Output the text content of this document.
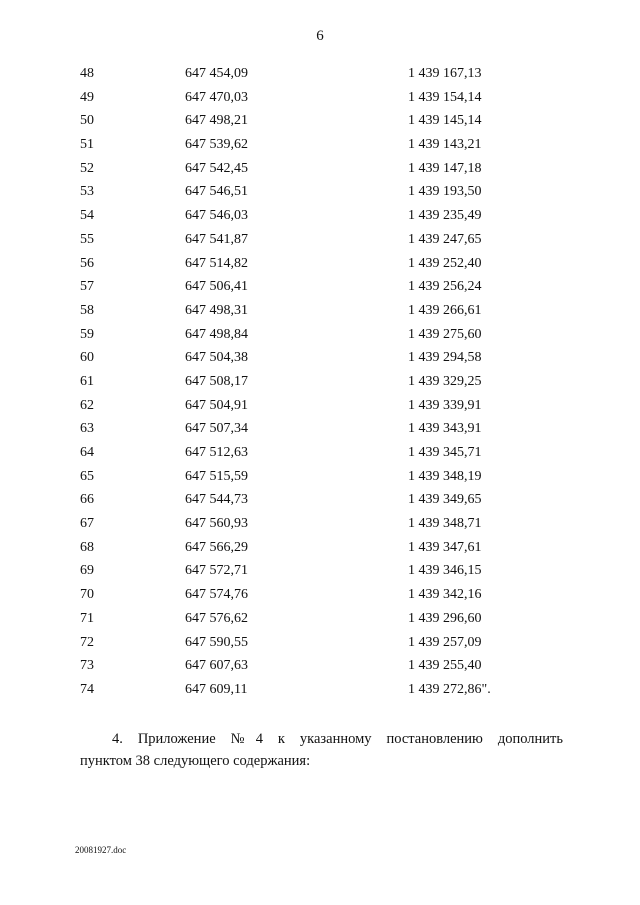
6
48	647 454,09	1 439 167,13
49	647 470,03	1 439 154,14
50	647 498,21	1 439 145,14
51	647 539,62	1 439 143,21
52	647 542,45	1 439 147,18
53	647 546,51	1 439 193,50
54	647 546,03	1 439 235,49
55	647 541,87	1 439 247,65
56	647 514,82	1 439 252,40
57	647 506,41	1 439 256,24
58	647 498,31	1 439 266,61
59	647 498,84	1 439 275,60
60	647 504,38	1 439 294,58
61	647 508,17	1 439 329,25
62	647 504,91	1 439 339,91
63	647 507,34	1 439 343,91
64	647 512,63	1 439 345,71
65	647 515,59	1 439 348,19
66	647 544,73	1 439 349,65
67	647 560,93	1 439 348,71
68	647 566,29	1 439 347,61
69	647 572,71	1 439 346,15
70	647 574,76	1 439 342,16
71	647 576,62	1 439 296,60
72	647 590,55	1 439 257,09
73	647 607,63	1 439 255,40
74	647 609,11	1 439 272,86".
4. Приложение №4 к указанному постановлению дополнить
пунктом 38 следующего содержания:
20081927.doc
